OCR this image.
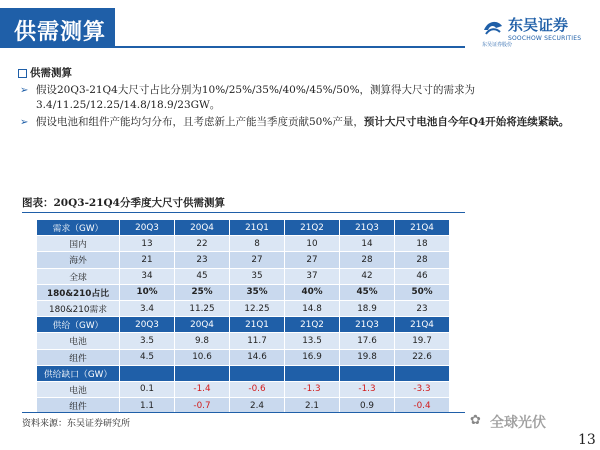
供需测算	东吴证券
SOOCHOW SECURITIES
东吴证券股份
供需测算
➢ 假设20Q3-21Q4大尺寸占比分别为10%/25%/35%/40%/45%/50%，测算得大尺寸的需求为3.4/11.25/12.25/14.8/18.9/23GW。
➢ 假设电池和组件产能均匀分布，且考虑新上产能当季度贡献50%产量，预计大尺寸电池自今年Q4开始将连续紧缺。
图表：20Q3-21Q4分季度大尺寸供需测算
需求（GW）	20Q3	20Q4	21Q1	21Q2	21Q3	21Q4
国内	13	22	8	10	14	18
海外	21	23	27	27	28	28
全球	34	45	35	37	42	46
180&210占比	10%	25%	35%	40%	45%	50%
180&210需求	3.4	11.25	12.25	14.8	18.9	23
供给（GW）	20Q3	20Q4	21Q1	21Q2	21Q3	21Q4
电池	3.5	9.8	11.7	13.5	17.6	19.7
组件	4.5	10.6	14.6	16.9	19.8	22.6
供给缺口（GW）						
电池	0.1	-1.4	-0.6	-1.3	-1.3	-3.3
组件	1.1	-0.7	2.4	2.1	0.9	-0.4
资料来源：东吴证券研究所	✿ 全球光伏
13
